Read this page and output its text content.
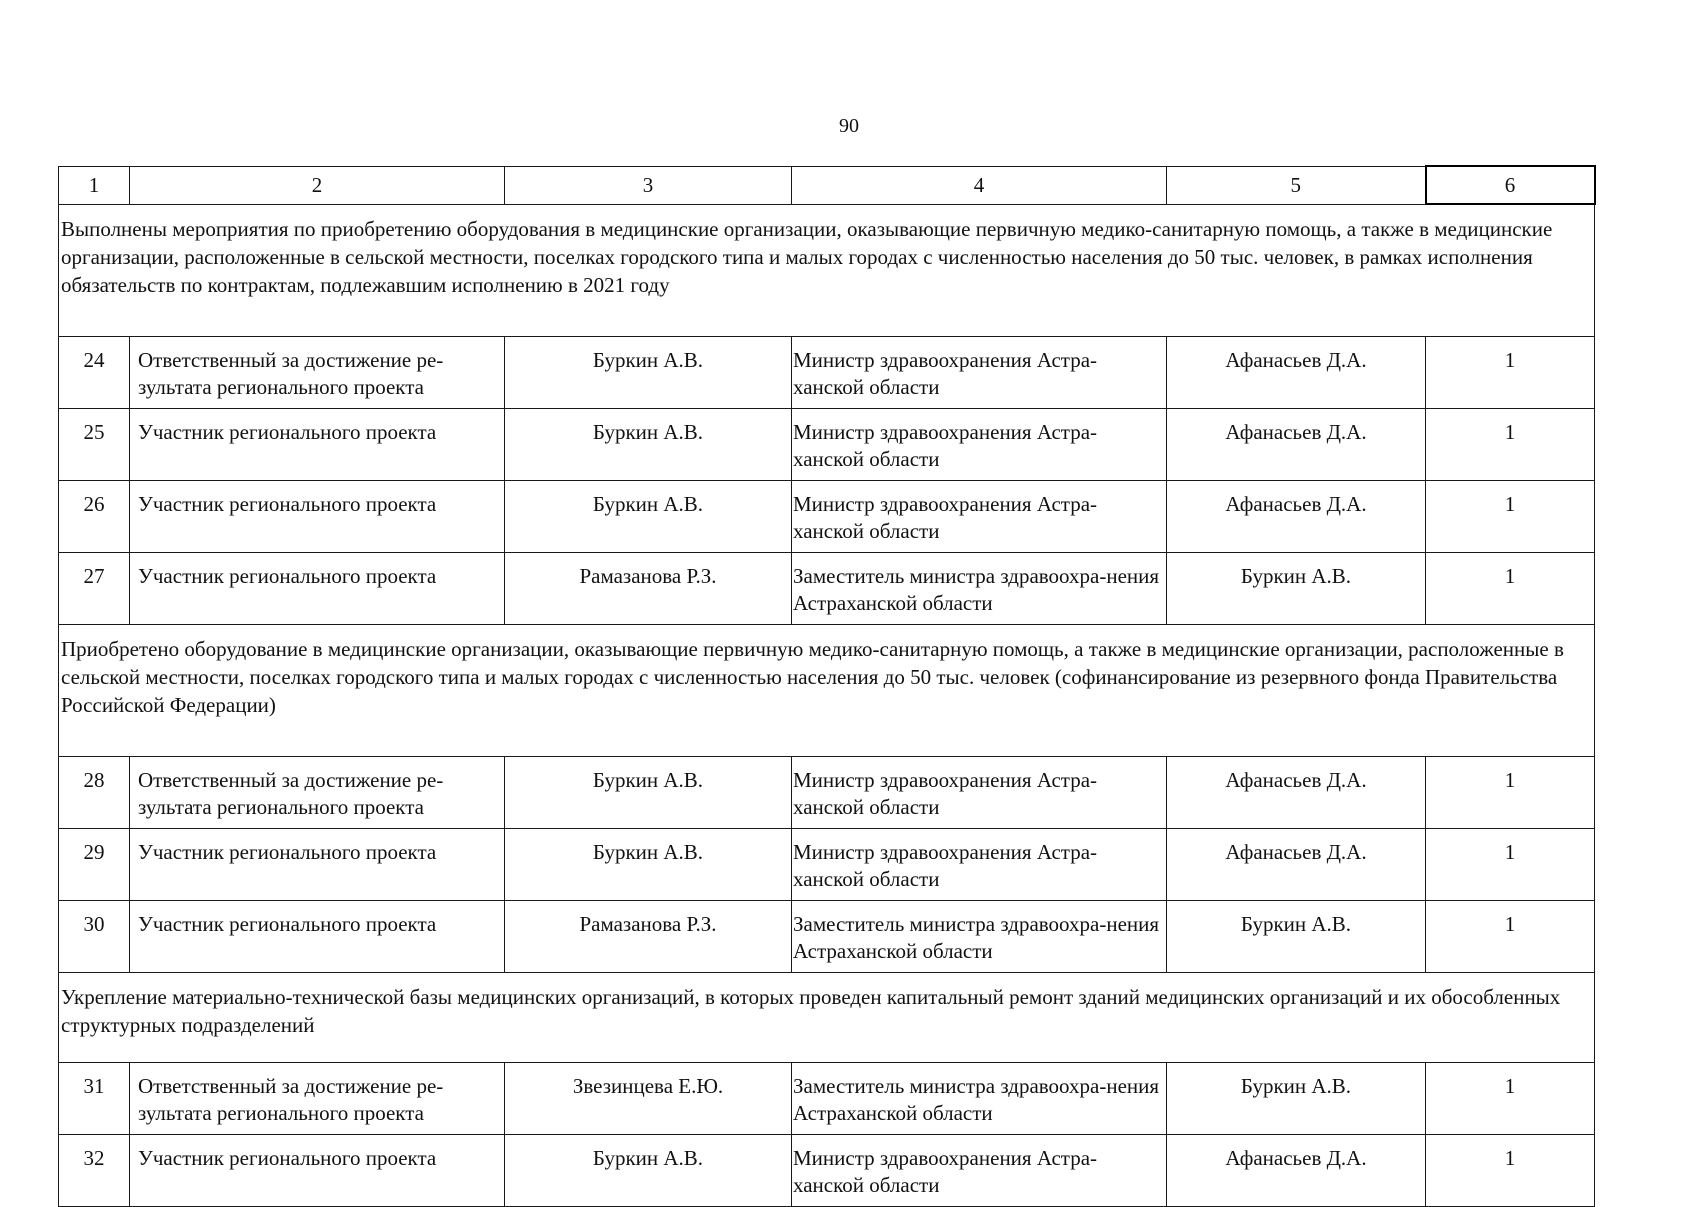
90
1	2	3	4	5	6
Выполнены мероприятия по приобретению оборудования в медицинские организации, оказывающие первичную медико-санитарную помощь, а также в медицинские организации, расположенные в сельской местности, поселках городского типа и малых городах с численностью населения до 50 тыс. человек, в рамках исполнения обязательств по контрактам, подлежавшим исполнению в 2021 году					
24	Ответственный за достижение ре-зультата регионального проекта	Буркин А.В.	Министр здравоохранения Астра-ханской области	Афанасьев Д.А.	1
25	Участник регионального проекта	Буркин А.В.	Министр здравоохранения Астра-ханской области	Афанасьев Д.А.	1
26	Участник регионального проекта	Буркин А.В.	Министр здравоохранения Астра-ханской области	Афанасьев Д.А.	1
27	Участник регионального проекта	Рамазанова Р.З.	Заместитель министра здравоохра-нения Астраханской области	Буркин А.В.	1
Приобретено оборудование в медицинские организации, оказывающие первичную медико-санитарную помощь, а также в медицинские организации, расположенные в сельской местности, поселках городского типа и малых городах с численностью населения до 50 тыс. человек (софинансирование из резервного фонда Правительства Российской Федерации)					
28	Ответственный за достижение ре-зультата регионального проекта	Буркин А.В.	Министр здравоохранения Астра-ханской области	Афанасьев Д.А.	1
29	Участник регионального проекта	Буркин А.В.	Министр здравоохранения Астра-ханской области	Афанасьев Д.А.	1
30	Участник регионального проекта	Рамазанова Р.З.	Заместитель министра здравоохра-нения Астраханской области	Буркин А.В.	1
Укрепление материально-технической базы медицинских организаций, в которых проведен капитальный ремонт зданий медицинских организаций и их обособленных структурных подразделений					
31	Ответственный за достижение ре-зультата регионального проекта	Звезинцева Е.Ю.	Заместитель министра здравоохра-нения Астраханской области	Буркин А.В.	1
32	Участник регионального проекта	Буркин А.В.	Министр здравоохранения Астра-ханской области	Афанасьев Д.А.	1
